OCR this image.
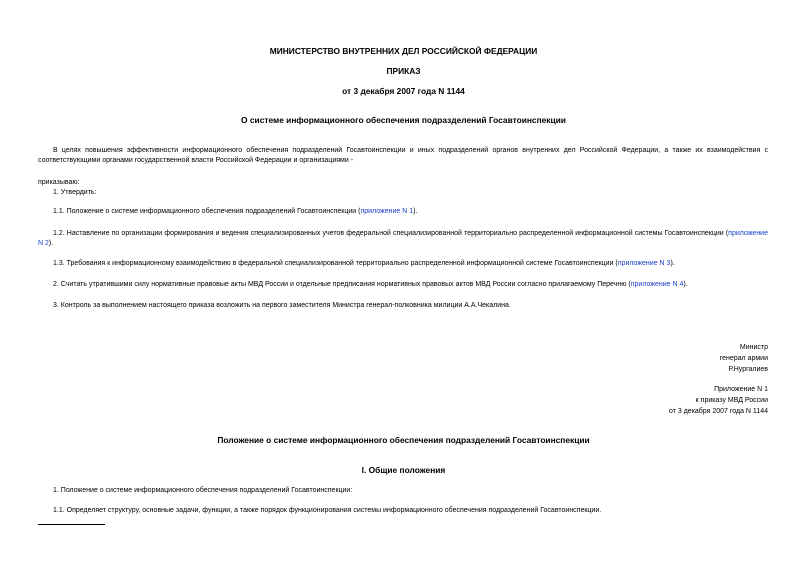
МИНИСТЕРСТВО ВНУТРЕННИХ ДЕЛ РОССИЙСКОЙ ФЕДЕРАЦИИ
ПРИКАЗ
от 3 декабря 2007 года N 1144
О системе информационного обеспечения подразделений Госавтоинспекции
В целях повышения эффективности информационного обеспечения подразделений Госавтоинспекции и иных подразделений органов внутренних дел Российской Федерации, а также их взаимодействия с соответствующими органами государственной власти Российской Федерации и организациями -
приказываю:
1. Утвердить:
1.1. Положение о системе информационного обеспечения подразделений Госавтоинспекции (приложение N 1).
1.2. Наставление по организации формирования и ведения специализированных учетов федеральной специализированной территориально распределенной информационной системы Госавтоинспекции (приложение N 2).
1.3. Требования к информационному взаимодействию в федеральной специализированной территориально распределенной информационной системе Госавтоинспекции (приложение N 3).
2. Считать утратившими силу нормативные правовые акты МВД России и отдельные предписания нормативных правовых актов МВД России согласно прилагаемому Перечню (приложение N 4).
3. Контроль за выполнением настоящего приказа возложить на первого заместителя Министра генерал-полковника милиции А.А.Чекалина.
Министр
генерал армии
Р.Нургалиев
Приложение N 1
к приказу МВД России
от 3 декабря 2007 года N 1144
Положение о системе информационного обеспечения подразделений Госавтоинспекции
I. Общие положения
1. Положение о системе информационного обеспечения подразделений Госавтоинспекции:
1.1. Определяет структуру, основные задачи, функции, а также порядок функционирования системы информационного обеспечения подразделений Госавтоинспекции.
